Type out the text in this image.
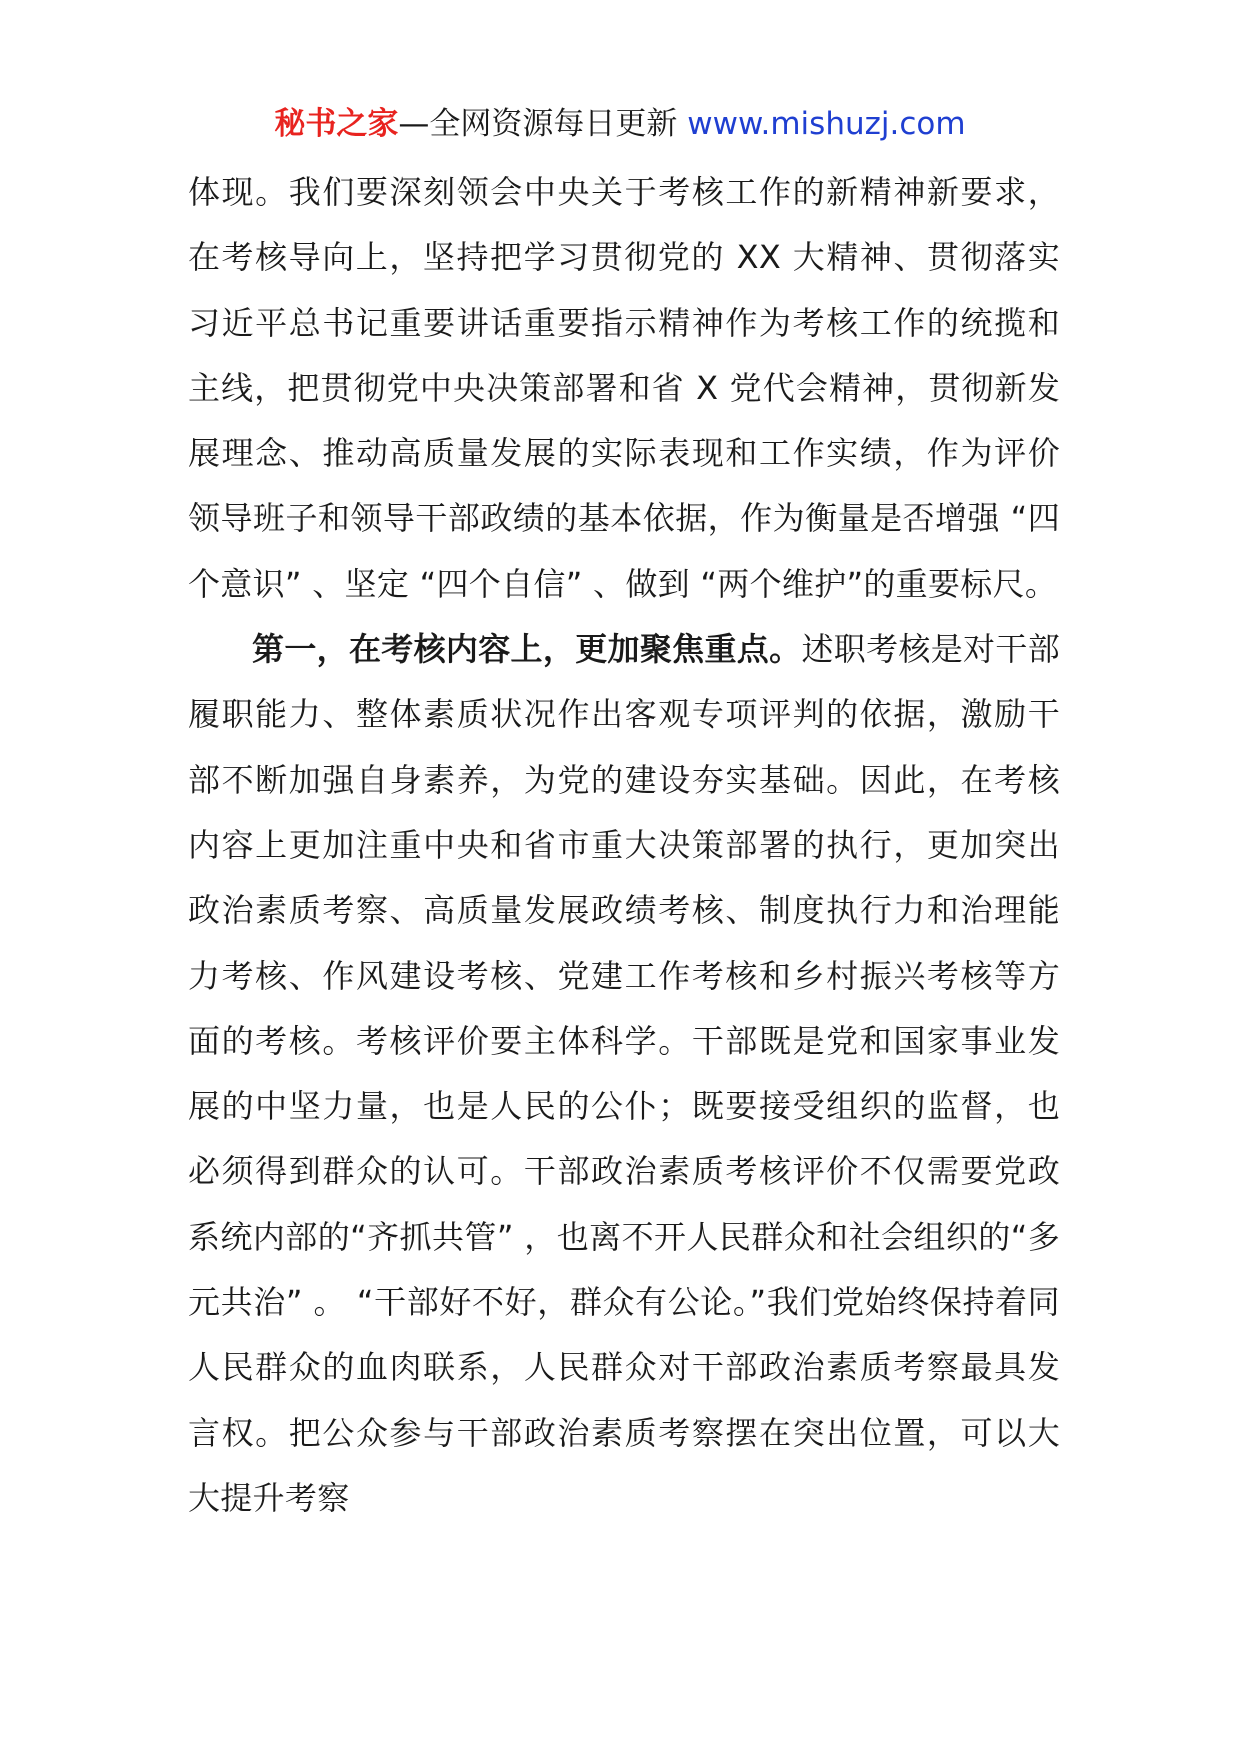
秘书之家—全网资源每日更新 www.mishuzj.com

体现。我们要深刻领会中央关于考核工作的新精神新要求，在考核导向上，坚持把学习贯彻党的 XX 大精神、贯彻落实习近平总书记重要讲话重要指示精神作为考核工作的统揽和主线，把贯彻党中央决策部署和省 X 党代会精神，贯彻新发展理念、推动高质量发展的实际表现和工作实绩，作为评价领导班子和领导干部政绩的基本依据，作为衡量是否增强 “四个意识” 、坚定 “四个自信” 、做到 “两个维护”的重要标尺。

第一，在考核内容上，更加聚焦重点。述职考核是对干部履职能力、整体素质状况作出客观专项评判的依据，激励干部不断加强自身素养，为党的建设夯实基础。因此，在考核内容上更加注重中央和省市重大决策部署的执行，更加突出政治素质考察、高质量发展政绩考核、制度执行力和治理能力考核、作风建设考核、党建工作考核和乡村振兴考核等方面的考核。考核评价要主体科学。干部既是党和国家事业发展的中坚力量，也是人民的公仆；既要接受组织的监督，也必须得到群众的认可。干部政治素质考核评价不仅需要党政系统内部的“齐抓共管” ，也离不开人民群众和社会组织的“多元共治” 。 “干部好不好，群众有公论。”我们党始终保持着同人民群众的血肉联系，人民群众对干部政治素质考察最具发言权。把公众参与干部政治素质考察摆在突出位置，可以大大提升考察
